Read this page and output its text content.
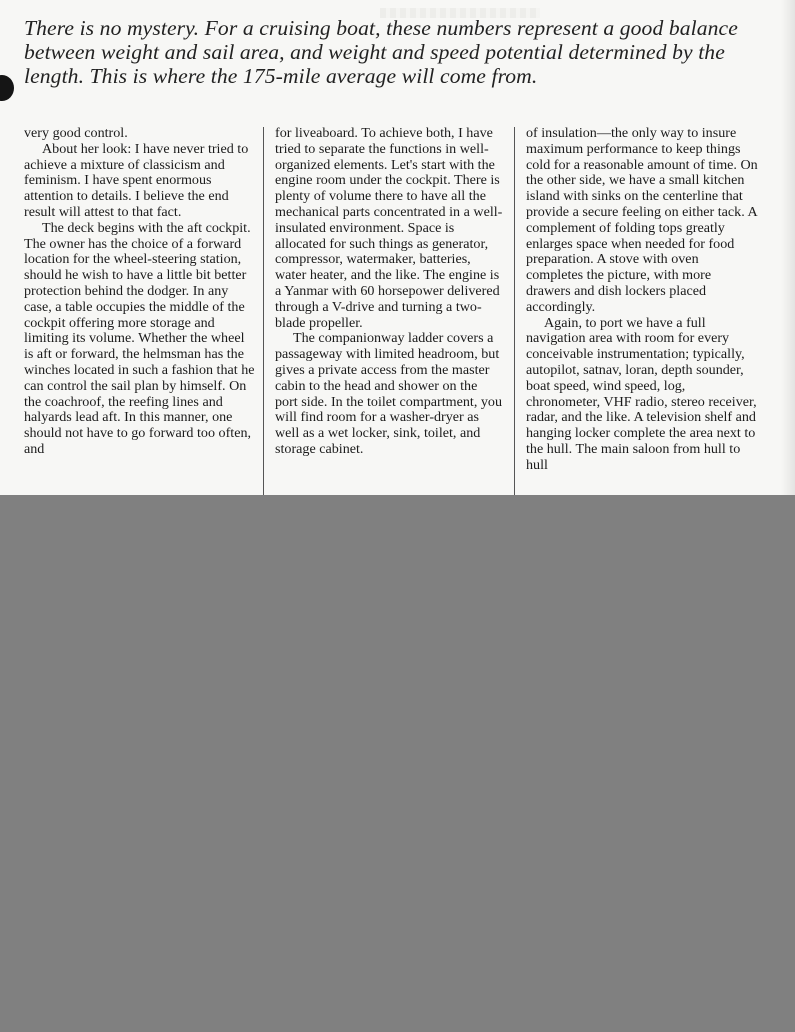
There is no mystery. For a cruising boat, these numbers represent a good balance
between weight and sail area, and weight and speed potential determined by the
length. This is where the 175-mile average will come from.

very good control.

About her look: I have never tried to achieve a mixture of classicism and feminism. I have spent enormous attention to details. I believe the end result will attest to that fact.

The deck begins with the aft cockpit. The owner has the choice of a forward location for the wheel-steering station, should he wish to have a little bit better protection behind the dodger. In any case, a table occupies the middle of the cockpit offering more storage and limiting its volume. Whether the wheel is aft or forward, the helmsman has the winches located in such a fashion that he can control the sail plan by himself. On the coachroof, the reefing lines and halyards lead aft. In this manner, one should not have to go forward too often, and

for liveaboard. To achieve both, I have tried to separate the functions in well-organized elements. Let's start with the engine room under the cockpit. There is plenty of volume there to have all the mechanical parts concentrated in a well-insulated environment. Space is allocated for such things as generator, compressor, watermaker, batteries, water heater, and the like. The engine is a Yanmar with 60 horsepower delivered through a V-drive and turning a two-blade propeller.

The companionway ladder covers a passageway with limited headroom, but gives a private access from the master cabin to the head and shower on the port side. In the toilet compartment, you will find room for a washer-dryer as well as a wet locker, sink, toilet, and storage cabinet.

of insulation—the only way to insure maximum performance to keep things cold for a reasonable amount of time. On the other side, we have a small kitchen island with sinks on the centerline that provide a secure feeling on either tack. A complement of folding tops greatly enlarges space when needed for food preparation. A stove with oven completes the picture, with more drawers and dish lockers placed accordingly.

Again, to port we have a full navigation area with room for every conceivable instrumentation; typically, autopilot, satnav, loran, depth sounder, boat speed, wind speed, log, chronometer, VHF radio, stereo receiver, radar, and the like. A television shelf and hanging locker complete the area next to the hull. The main saloon from hull to hull
